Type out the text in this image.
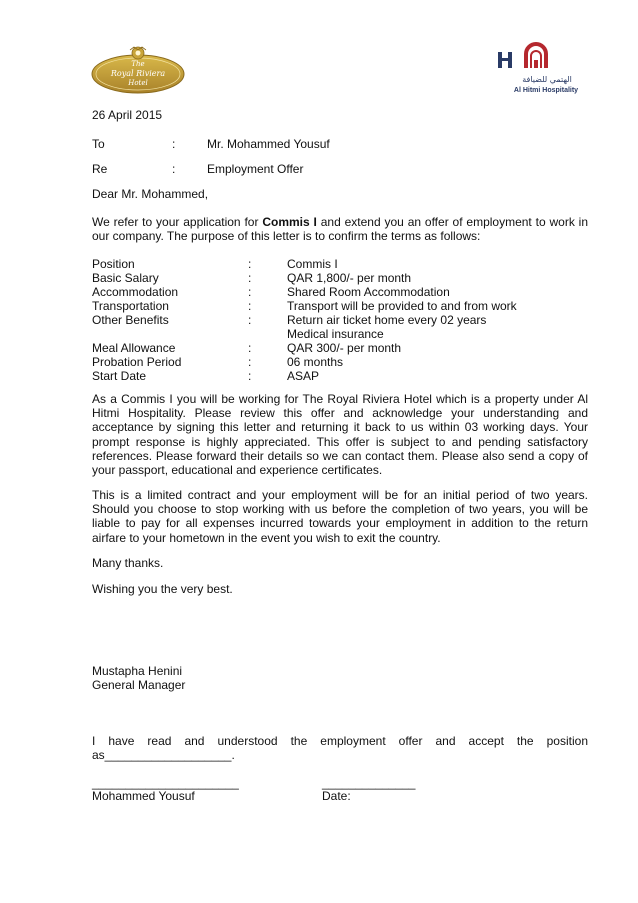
The
Royal Riviera
Hotel	الهتمي للضيافة
Al Hitmi Hospitality
26 April 2015
To	:	Mr. Mohammed Yousuf
Re	:	Employment Offer
Dear Mr. Mohammed,
We refer to your application for Commis I and extend you an offer of employment to work in our company. The purpose of this letter is to confirm the terms as follows:
Position	:	Commis I
Basic Salary	:	QAR 1,800/- per month
Accommodation	:	Shared Room Accommodation
Transportation	:	Transport will be provided to and from work
Other Benefits	:	Return air ticket home every 02 years
Medical insurance
Meal Allowance	:	QAR 300/- per month
Probation Period	:	06 months
Start Date	:	ASAP
As a Commis I you will be working for The Royal Riviera Hotel which is a property under Al Hitmi Hospitality. Please review this offer and acknowledge your understanding and acceptance by signing this letter and returning it back to us within 03 working days. Your prompt response is highly appreciated. This offer is subject to and pending satisfactory references. Please forward their details so we can contact them. Please also send a copy of your passport, educational and experience certificates.
This is a limited contract and your employment will be for an initial period of two years. Should you choose to stop working with us before the completion of two years, you will be liable to pay for all expenses incurred towards your employment in addition to the return airfare to your hometown in the event you wish to exit the country.
Many thanks.
Wishing you the very best.
Mustapha Henini
General Manager
I have read and understood the employment offer and accept the position
as___________________.
______________________	______________
Mohammed Yousuf	Date:
